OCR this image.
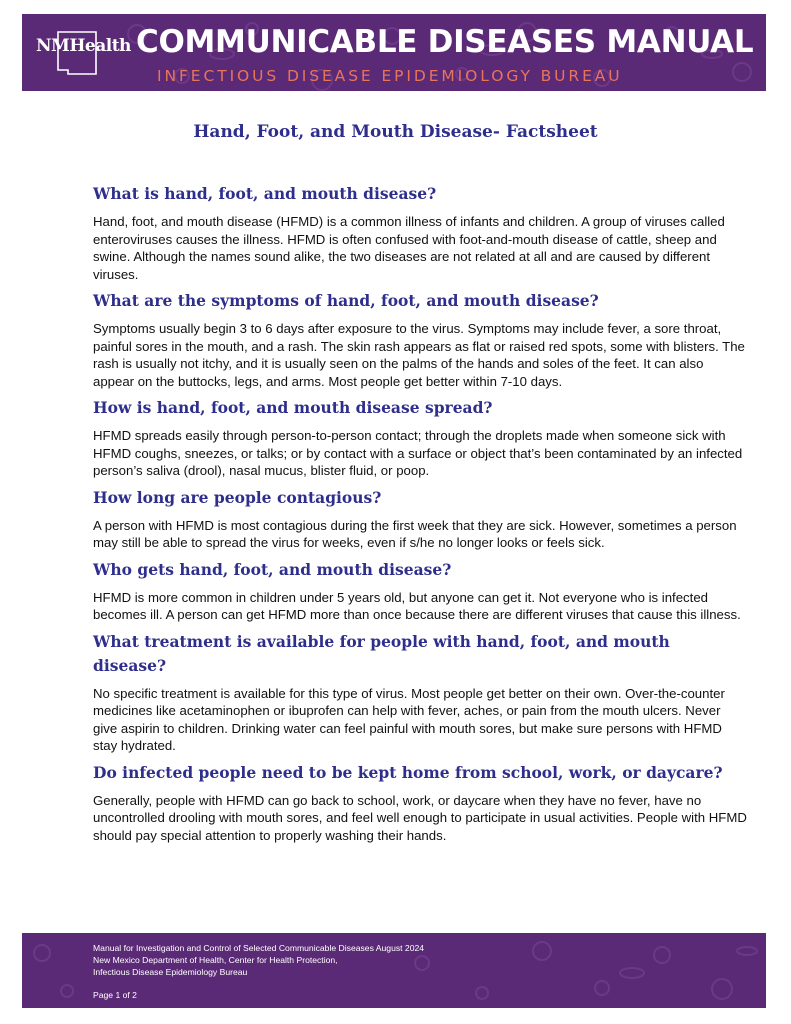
NMHealth COMMUNICABLE DISEASES MANUAL
INFECTIOUS DISEASE EPIDEMIOLOGY BUREAU
Hand, Foot, and Mouth Disease- Factsheet
What is hand, foot, and mouth disease?

Hand, foot, and mouth disease (HFMD) is a common illness of infants and children. A group of viruses called enteroviruses causes the illness. HFMD is often confused with foot-and-mouth disease of cattle, sheep and swine. Although the names sound alike, the two diseases are not related at all and are caused by different viruses.

What are the symptoms of hand, foot, and mouth disease?

Symptoms usually begin 3 to 6 days after exposure to the virus. Symptoms may include fever, a sore throat, painful sores in the mouth, and a rash. The skin rash appears as flat or raised red spots, some with blisters. The rash is usually not itchy, and it is usually seen on the palms of the hands and soles of the feet. It can also appear on the buttocks, legs, and arms. Most people get better within 7-10 days.

How is hand, foot, and mouth disease spread?

HFMD spreads easily through person-to-person contact; through the droplets made when someone sick with HFMD coughs, sneezes, or talks; or by contact with a surface or object that’s been contaminated by an infected person’s saliva (drool), nasal mucus, blister fluid, or poop.

How long are people contagious?

A person with HFMD is most contagious during the first week that they are sick. However, sometimes a person may still be able to spread the virus for weeks, even if s/he no longer looks or feels sick.

Who gets hand, foot, and mouth disease?

HFMD is more common in children under 5 years old, but anyone can get it. Not everyone who is infected becomes ill. A person can get HFMD more than once because there are different viruses that cause this illness.

What treatment is available for people with hand, foot, and mouth disease?

No specific treatment is available for this type of virus. Most people get better on their own. Over-the-counter medicines like acetaminophen or ibuprofen can help with fever, aches, or pain from the mouth ulcers. Never give aspirin to children. Drinking water can feel painful with mouth sores, but make sure persons with HFMD stay hydrated.

Do infected people need to be kept home from school, work, or daycare?

Generally, people with HFMD can go back to school, work, or daycare when they have no fever, have no uncontrolled drooling with mouth sores, and feel well enough to participate in usual activities. People with HFMD should pay special attention to properly washing their hands.

Manual for Investigation and Control of Selected Communicable Diseases August 2024
New Mexico Department of Health, Center for Health Protection,
Infectious Disease Epidemiology Bureau
Page 1 of 2
